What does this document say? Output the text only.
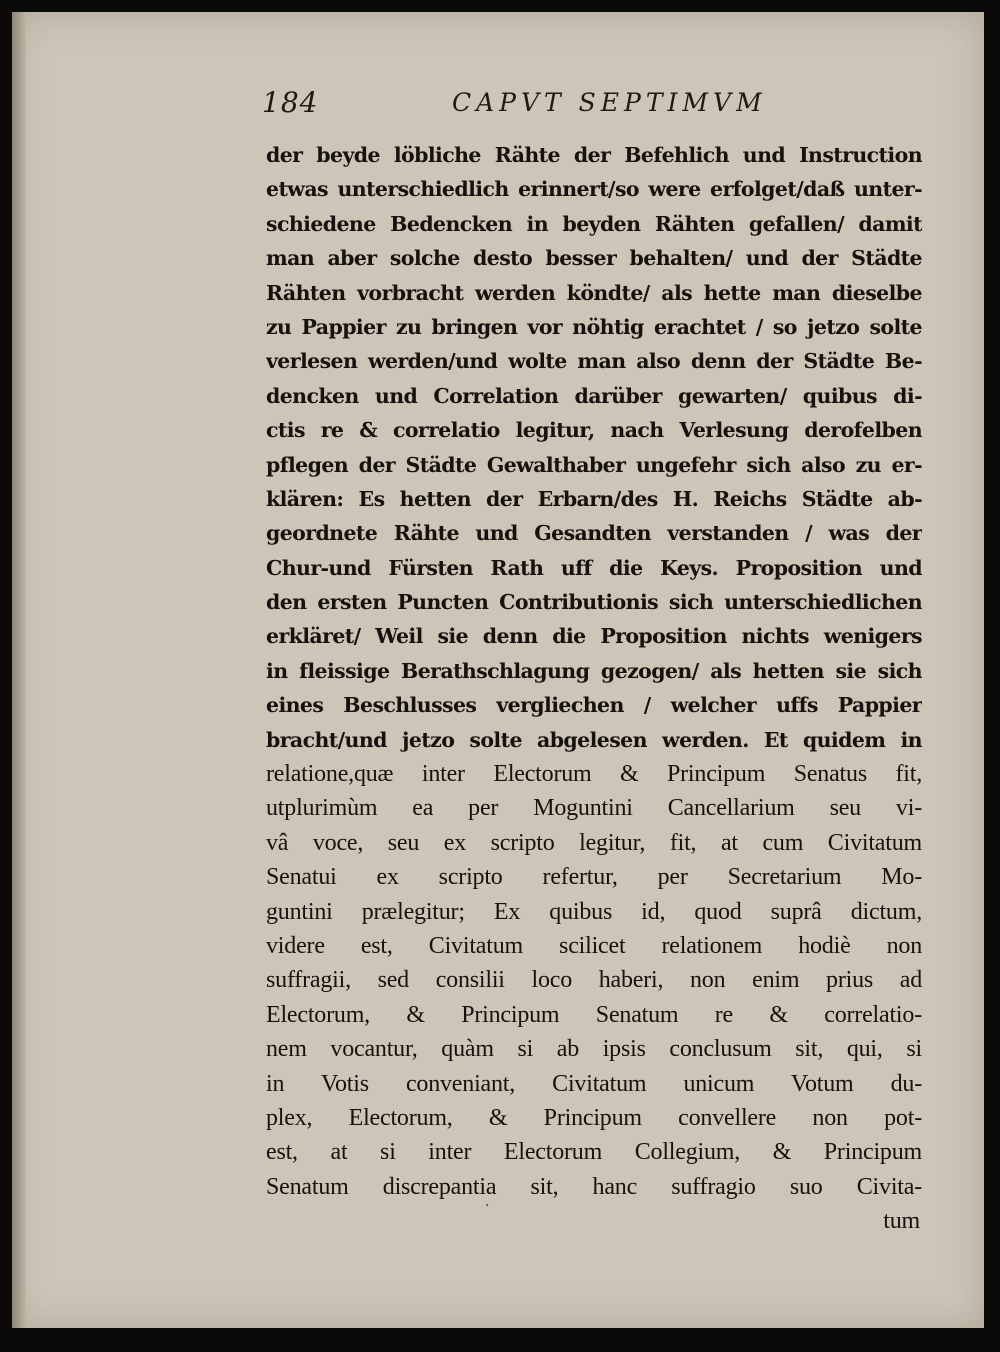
184	CAPVT SEPTIMVM
der beyde löbliche Rähte der Befehlich und Instruction
etwas unterschiedlich erinnert/so were erfolget/daß unter-
schiedene Bedencken in beyden Rähten gefallen/ damit
man aber solche desto besser behalten/ und der Städte
Rähten vorbracht werden köndte/ als hette man dieselbe
zu Pappier zu bringen vor nöhtig erachtet / so jetzo solte
verlesen werden/und wolte man also denn der Städte Be-
dencken und Correlation darüber gewarten/ quibus di-
ctis re & correlatio legitur, nach Verlesung derofelben
pflegen der Städte Gewalthaber ungefehr sich also zu er-
klären: Es hetten der Erbarn/des H. Reichs Städte ab-
geordnete Rähte und Gesandten verstanden / was der
Chur-und Fürsten Rath uff die Keys. Proposition und
den ersten Puncten Contributionis sich unterschiedlichen
erkläret/ Weil sie denn die Proposition nichts wenigers
in fleissige Berathschlagung gezogen/ als hetten sie sich
eines Beschlusses vergliechen / welcher uffs Pappier
bracht/und jetzo solte abgelesen werden. Et quidem in
relatione,quæ inter Electorum & Principum Senatus fit,
utplurimùm ea per Moguntini Cancellarium seu vi-
vâ voce, seu ex scripto legitur, fit, at cum Civitatum
Senatui ex scripto refertur, per Secretarium Mo-
guntini prælegitur; Ex quibus id, quod suprâ dictum,
videre est, Civitatum scilicet relationem hodiè non
suffragii, sed consilii loco haberi, non enim prius ad
Electorum, & Principum Senatum re & correlatio-
nem vocantur, quàm si ab ipsis conclusum sit, qui, si
in Votis conveniant, Civitatum unicum Votum du-
plex, Electorum, & Principum convellere non pot-
est, at si inter Electorum Collegium, & Principum
Senatum discrepantia sit, hanc suffragio suo Civita-
tum
·
